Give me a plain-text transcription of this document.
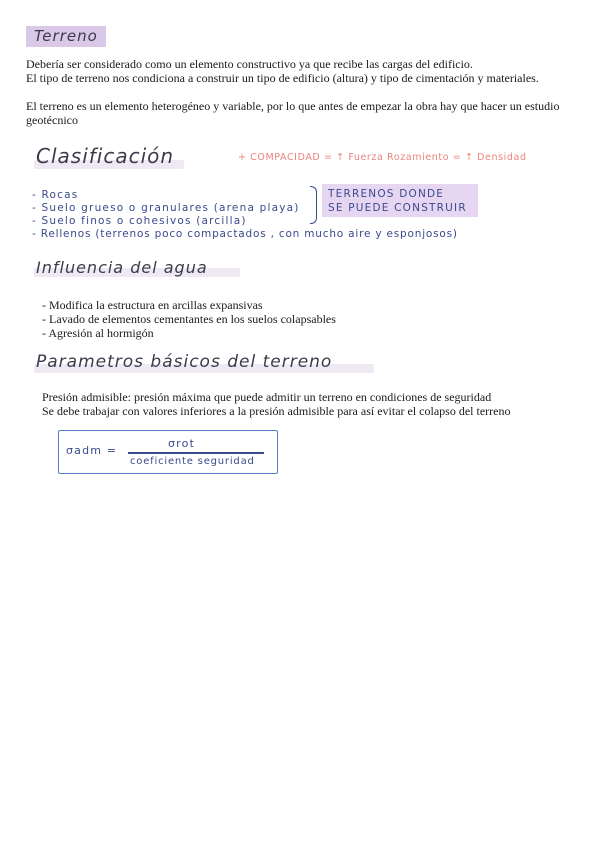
Terreno
Debería ser considerado como un elemento constructivo ya que recibe las cargas del edificio.
El tipo de terreno nos condiciona a construir un tipo de edificio (altura) y tipo de cimentación y materiales.
El terreno es un elemento heterogéneo y variable, por lo que antes de empezar la obra hay que hacer un estudio
geotécnico
Clasificación	+ COMPACIDAD = ↑ Fuerza Rozamiento = ↑ Densidad
- Rocas
- Suelo grueso o granulares (arena playa)
- Suelo finos o cohesivos (arcilla)
- Rellenos (terrenos poco compactados , con mucho aire y esponjosos)
TERRENOS DONDE
SE PUEDE CONSTRUIR
Influencia del agua
- Modifica la estructura en arcillas expansivas
- Lavado de elementos cementantes en los suelos colapsables
- Agresión al hormigón
Parametros básicos del terreno
Presión admisible: presión máxima que puede admitir un terreno en condiciones de seguridad
Se debe trabajar con valores inferiores a la presión admisible para así evitar el colapso del terreno
σadm =
σrot
coeficiente seguridad
